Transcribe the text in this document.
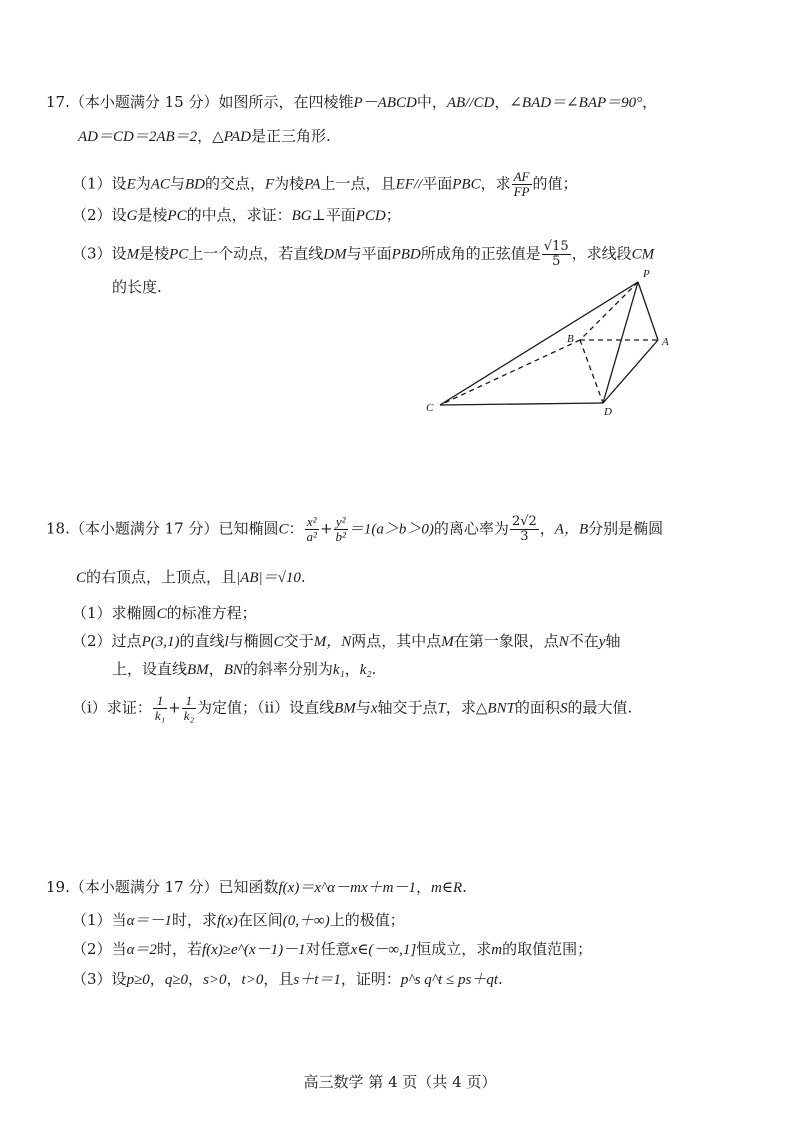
17.（本小题满分 15 分）如图所示，在四棱锥P－ABCD中，AB//CD，∠BAD＝∠BAP＝90°，
AD＝CD＝2AB＝2，△PAD是正三角形.
（1）设E为AC与BD的交点，F为棱PA上一点，且EF//平面PBC，求 $\frac{AF}{FP}$ 的值；
（2）设G是棱PC的中点，求证：BG⊥平面PCD；
（3）设M是棱PC上一个动点，若直线DM与平面PBD所成角的正弦值是 $\frac{√15}{5}$ ，求线段CM
的长度.
P
B	A
C	D
18.（本小题满分 17 分）已知椭圆C： $\frac{\text{x²}}{\text{a²}} + \frac{\text{y²}}{\text{b²}} =1(a>b>0)$的离心率为 $\frac{2√2}{3}$ ，A，B分别是椭圆
C的右顶点，上顶点，且|AB|＝√10.
（1）求椭圆C的标准方程；
（2）过点P(3,1)的直线l与椭圆C交于M，N两点，其中点M在第一象限，点N不在y轴
上，设直线BM，BN的斜率分别为k₁，k₂.
（i）求证： $\frac{1}{\text{k₁}} + \frac{1}{\text{k₂}}$ 为定值；（ii）设直线BM与x轴交于点T，求△BNT的面积S的最大值.
19.（本小题满分 17 分）已知函数f(x)＝x^α－mx＋m－1，m∈R.
（1）当α＝－1时，求f(x)在区间(0,＋∞)上的极值；
（2）当α＝2时，若f(x)≥e^(x－1)－1对任意x∈(－∞,1]恒成立，求m的取值范围；
（3）设p≥0，q≥0，s>0，t>0，且s＋t＝1，证明：p^s q^t ≤ ps＋qt.
高三数学 第 4 页（共 4 页）
